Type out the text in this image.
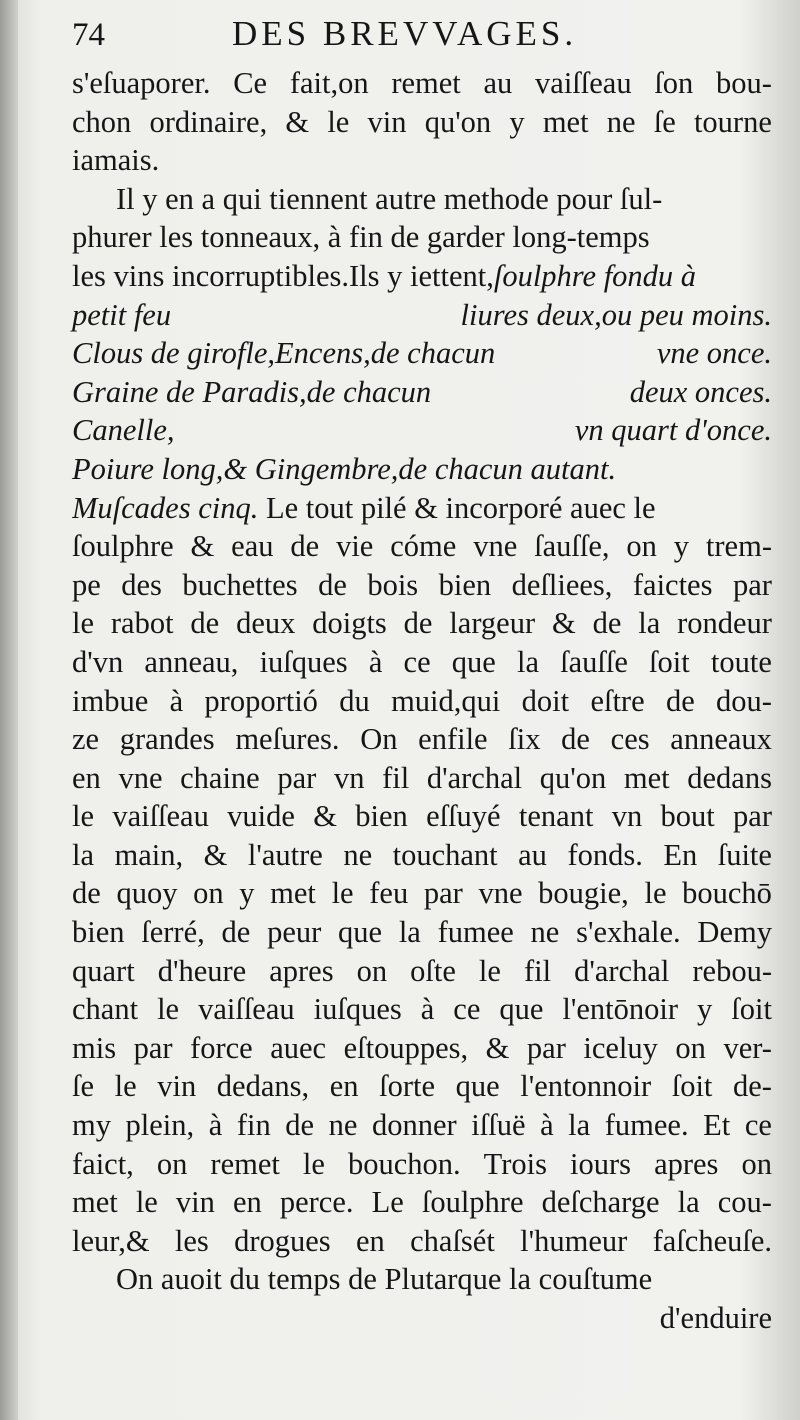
74	DES BREVVAGES.
s'eſuaporer. Ce fait,on remet au vaiſſeau ſon bou-
chon ordinaire, & le vin qu'on y met ne ſe tourne
iamais.
Il y en a qui tiennent autre methode pour ſul-
phurer les tonneaux, à fin de garder long-temps
les vins incorruptibles.Ils y iettent,ſoulphre fondu à
petit feu	liures deux,ou peu moins.
Clous de girofle,Encens,de chacun	vne once.
Graine de Paradis,de chacun	deux onces.
Canelle,	vn quart d'once.
Poiure long,& Gingembre,de chacun autant.
Muſcades cinq. Le tout pilé & incorporé auec le
ſoulphre & eau de vie cóme vne ſauſſe, on y trem-
pe des buchettes de bois bien deſliees, faictes par
le rabot de deux doigts de largeur & de la rondeur
d'vn anneau, iuſques à ce que la ſauſſe ſoit toute
imbue à proportió du muid,qui doit eſtre de dou-
ze grandes meſures. On enfile ſix de ces anneaux
en vne chaine par vn fil d'archal qu'on met dedans
le vaiſſeau vuide & bien eſſuyé tenant vn bout par
la main, & l'autre ne touchant au fonds. En ſuite
de quoy on y met le feu par vne bougie, le bouchō
bien ſerré, de peur que la fumee ne s'exhale. Demy
quart d'heure apres on oſte le fil d'archal rebou-
chant le vaiſſeau iuſques à ce que l'entōnoir y ſoit
mis par force auec eſtouppes, & par iceluy on ver-
ſe le vin dedans, en ſorte que l'entonnoir ſoit de-
my plein, à fin de ne donner iſſuë à la fumee. Et ce
faict, on remet le bouchon. Trois iours apres on
met le vin en perce. Le ſoulphre deſcharge la cou-
leur,& les drogues en chaſsét l'humeur faſcheuſe.
On auoit du temps de Plutarque la couſtume
d'enduire
